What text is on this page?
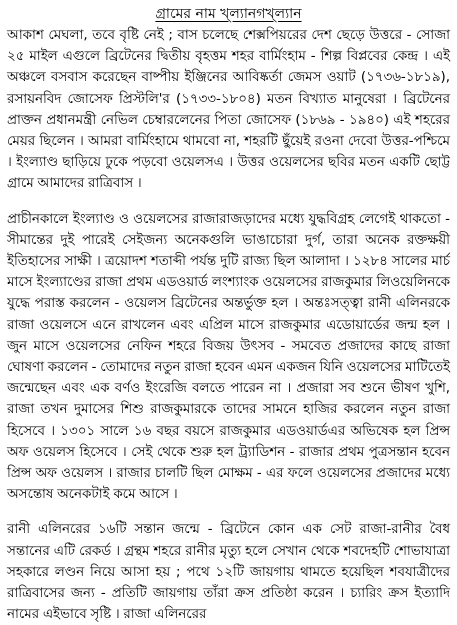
গ্রামের নাম খ্ল্যানগখ্ল্যান

আকাশ মেঘলা, তবে বৃষ্টি নেই ; বাস চলেছে শেক্সপিয়রের দেশ ছেড়ে উত্তরে - সোজা ২৫ মাইল এগুলে ব্রিটেনের দ্বিতীয় বৃহত্তম শহর বার্মিংহাম - শিল্প বিপ্লবের কেন্দ্র । এই অঞ্চলে বসবাস করেছেন বাষ্পীয় ইঞ্জিনের আবিষ্কর্তা জেমস ওয়াট (১৭৩৬-১৮১৯), রসায়নবিদ জোসেফ প্রিস্টলি'র (১৭৩৩-১৮০৪) মতন বিখ্যাত মানুষেরা । ব্রিটেনের প্রাক্তন প্রধানমন্ত্রী নেভিল চেম্বারলেনের পিতা জোসেফ (১৮৬৯ - ১৯৪০) এই শহরের মেয়র ছিলেন । আমরা বার্মিংহামে থামবো না, শহরটি ছুঁয়েই রওনা দেবো উত্তর-পশ্চিমে । ইংল্যাণ্ড ছাড়িয়ে ঢুকে পড়বো ওয়েলসএ । উত্তর ওয়েলসের ছবির মতন একটি ছোট্ট গ্রামে আমাদের রাত্রিবাস ।

প্রাচীনকালে ইংল্যাণ্ড ও ওয়েলসের রাজারাজড়াদের মধ্যে যুদ্ধবিগ্রহ লেগেই থাকতো - সীমান্তের দুই পারেই সেইজন্য অনেকগুলি ভাঙাচোরা দুর্গ, তারা অনেক রক্তক্ষয়ী ইতিহাসের সাক্ষী । ত্রয়োদশ শতাব্দী পর্যন্ত দুটি রাজ্য ছিল আলাদা । ১২৮৪ সালের মার্চ মাসে ইংল্যাণ্ডের রাজা প্রথম এডওয়ার্ড লংশ্যাংক ওয়েলসের রাজকুমার লিওয়েলিনকে যুদ্ধে পরাস্ত করলেন - ওয়েলস ব্রিটেনের অন্তর্ভুক্ত হল । অন্তঃসত্ত্বা রানী এলিনরকে রাজা ওয়েলসে এনে রাখলেন এবং এপ্রিল মাসে রাজকুমার এডোয়ার্ডের জন্ম হল । জুন মাসে ওয়েলসের নেফিন শহরে বিজয় উৎসব - সমবেত প্রজাদের কাছে রাজা ঘোষণা করলেন - তোমাদের নতুন রাজা হবেন এমন একজন যিনি ওয়েলসের মাটিতেই জন্মেছেন এবং এক বর্ণও ইংরেজি বলতে পারেন না । প্রজারা সব শুনে ভীষণ খুশি, রাজা তখন দুমাসের শিশু রাজকুমারকে তাদের সামনে হাজির করলেন নতুন রাজা হিসেবে । ১৩০১ সালে ১৬ বছর বয়সে রাজকুমার এডওয়ার্ডএর অভিষেক হল প্রিন্স অফ ওয়েলস হিসেবে । সেই থেকে শুরু হল ট্র্যাডিশন - রাজার প্রথম পুত্রসন্তান হবেন প্রিন্স অফ ওয়েলস । রাজার চালটি ছিল মোক্ষম - এর ফলে ওয়েলসের প্রজাদের মধ্যে অসন্তোষ অনেকটাই কমে আসে ।

রানী এলিনরের ১৬টি সন্তান জন্মে - ব্রিটেনে কোন এক সেট রাজা-রানীর বৈধ সন্তানের এটি রেকর্ড । গ্রন্থম শহরে রানীর মৃত্যু হলে সেখান থেকে শবদেহটি শোভাযাত্রা সহকারে লণ্ডন নিয়ে আসা হয় ; পথে ১২টি জায়গায় থামতে হয়েছিল শবযাত্রীদের রাত্রিবাসের জন্য - প্রতিটি জায়গায় তাঁরা ক্রস প্রতিষ্ঠা করেন । চ্যারিং ক্রস ইত্যাদি নামের এইভাবে সৃষ্টি । রাজা এলিনরের
